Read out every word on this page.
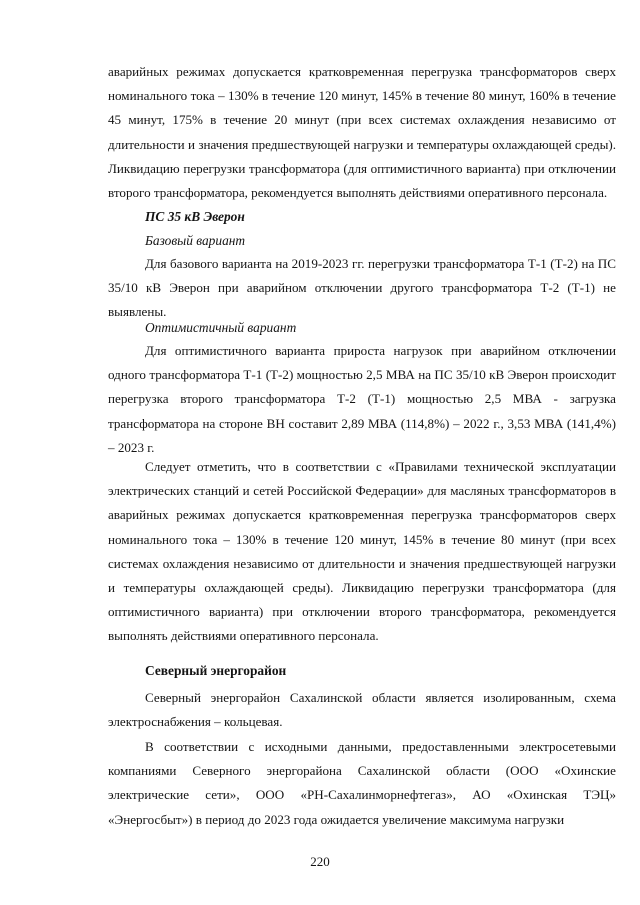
аварийных режимах допускается кратковременная перегрузка трансформаторов сверх номинального тока – 130% в течение 120 минут, 145% в течение 80 минут, 160% в течение 45 минут, 175% в течение 20 минут (при всех системах охлаждения независимо от длительности и значения предшествующей нагрузки и температуры охлаждающей среды). Ликвидацию перегрузки трансформатора (для оптимистичного варианта) при отключении второго трансформатора, рекомендуется выполнять действиями оперативного персонала.

ПС 35 кВ Эверон

Базовый вариант

Для базового варианта на 2019-2023 гг. перегрузки трансформатора Т-1 (Т-2) на ПС 35/10 кВ Эверон при аварийном отключении другого трансформатора Т-2 (Т-1) не выявлены.

Оптимистичный вариант

Для оптимистичного варианта прироста нагрузок при аварийном отключении одного трансформатора Т-1 (Т-2) мощностью 2,5 МВА на ПС 35/10 кВ Эверон происходит перегрузка второго трансформатора Т-2 (Т-1) мощностью 2,5 МВА - загрузка трансформатора на стороне ВН составит 2,89 МВА (114,8%) – 2022 г., 3,53 МВА (141,4%) – 2023 г.

Следует отметить, что в соответствии с «Правилами технической эксплуатации электрических станций и сетей Российской Федерации» для масляных трансформаторов в аварийных режимах допускается кратковременная перегрузка трансформаторов сверх номинального тока – 130% в течение 120 минут, 145% в течение 80 минут (при всех системах охлаждения независимо от длительности и значения предшествующей нагрузки и температуры охлаждающей среды). Ликвидацию перегрузки трансформатора (для оптимистичного варианта) при отключении второго трансформатора, рекомендуется выполнять действиями оперативного персонала.

Северный энергорайон

Северный энергорайон Сахалинской области является изолированным, схема электроснабжения – кольцевая.

В соответствии с исходными данными, предоставленными электросетевыми компаниями Северного энергорайона Сахалинской области (ООО «Охинские электрические сети», ООО «РН-Сахалинморнефтегаз», АО «Охинская ТЭЦ» «Энергосбыт») в период до 2023 года ожидается увеличение максимума нагрузки

220
